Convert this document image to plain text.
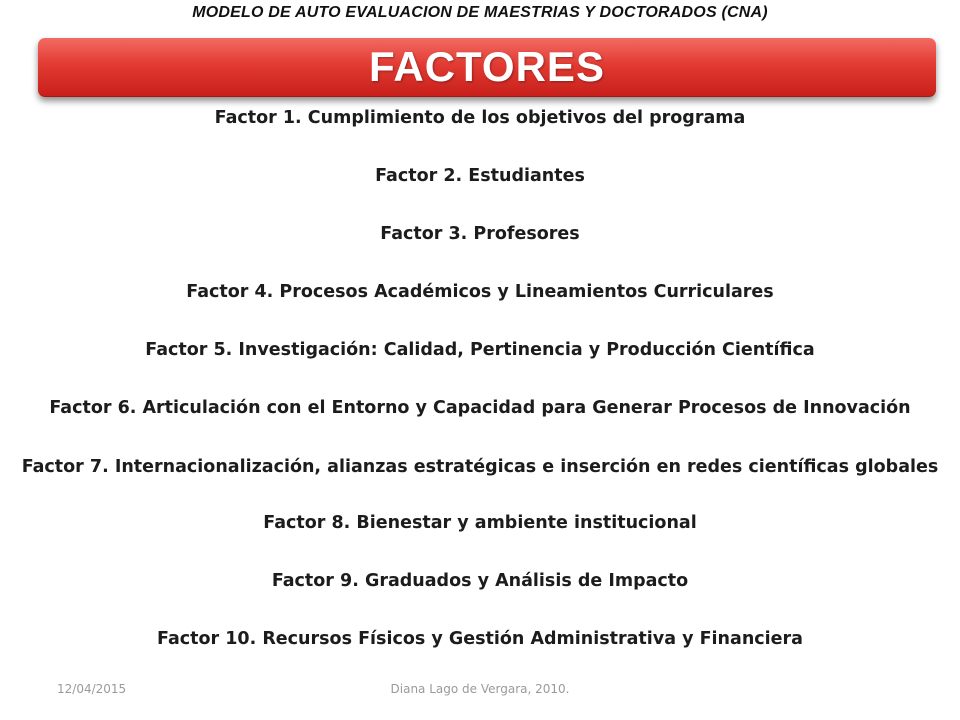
MODELO DE AUTO EVALUACION DE MAESTRIAS Y DOCTORADOS (CNA)
FACTORES
Factor 1. Cumplimiento de los objetivos del programa
Factor 2. Estudiantes
Factor 3. Profesores
Factor 4. Procesos Académicos y Lineamientos Curriculares
Factor 5. Investigación: Calidad, Pertinencia y Producción Científica
Factor 6. Articulación con el Entorno y Capacidad para Generar Procesos de Innovación
Factor 7. Internacionalización, alianzas estratégicas e inserción en redes científicas globales
Factor 8. Bienestar y ambiente institucional
Factor 9. Graduados y Análisis de Impacto
Factor 10. Recursos Físicos y Gestión Administrativa y Financiera
12/04/2015	Diana Lago de Vergara, 2010.
